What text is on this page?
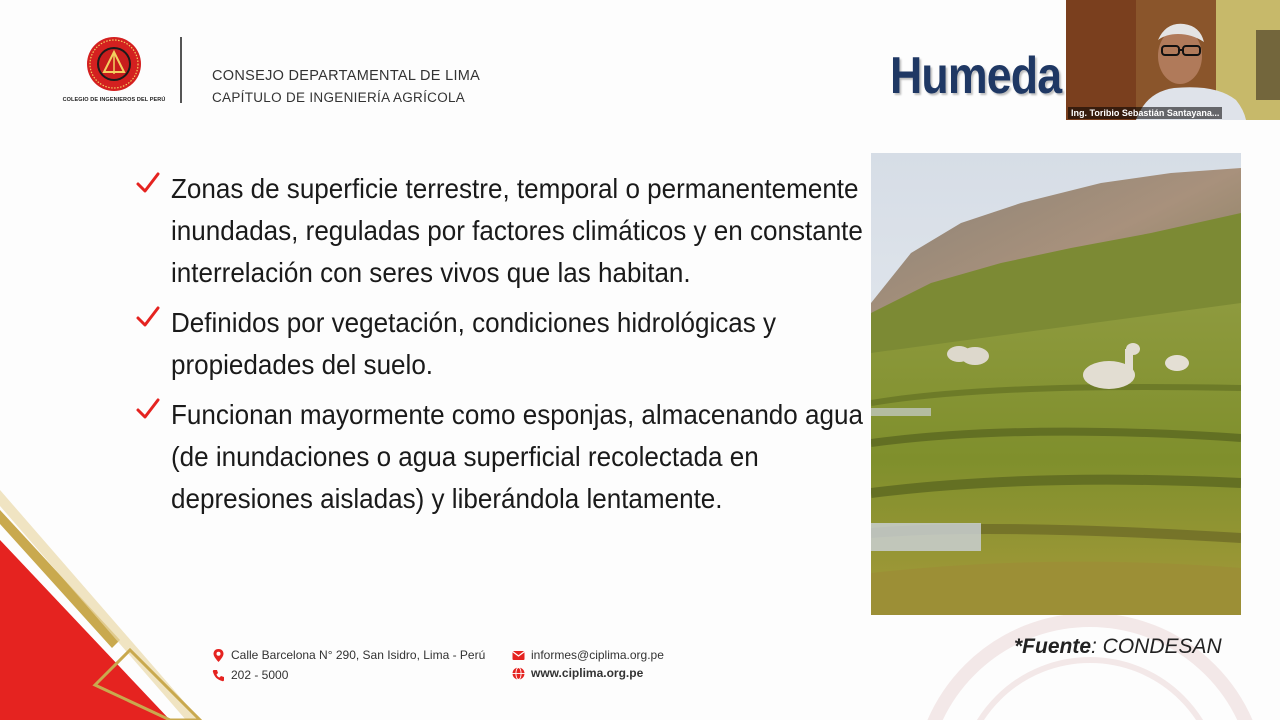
COLEGIO DE INGENIEROS DEL PERÚ
CONSEJO DEPARTAMENTAL DE LIMA
CAPÍTULO DE INGENIERÍA AGRÍCOLA	Humeda
Zonas de superficie terrestre, temporal o permanentemente inundadas, reguladas por factores climáticos y en constante interrelación con seres vivos que las habitan.
Definidos por vegetación, condiciones hidrológicas y propiedades del suelo.
Funcionan mayormente como esponjas, almacenando agua (de inundaciones o agua superficial recolectada en depresiones aisladas) y liberándola lentamente.
*Fuente: CONDESAN
Calle Barcelona N° 290, San Isidro, Lima - Perú
202 - 5000
informes@ciplima.org.pe
www.ciplima.org.pe
Ing. Toribio Sebastián Santayana...
